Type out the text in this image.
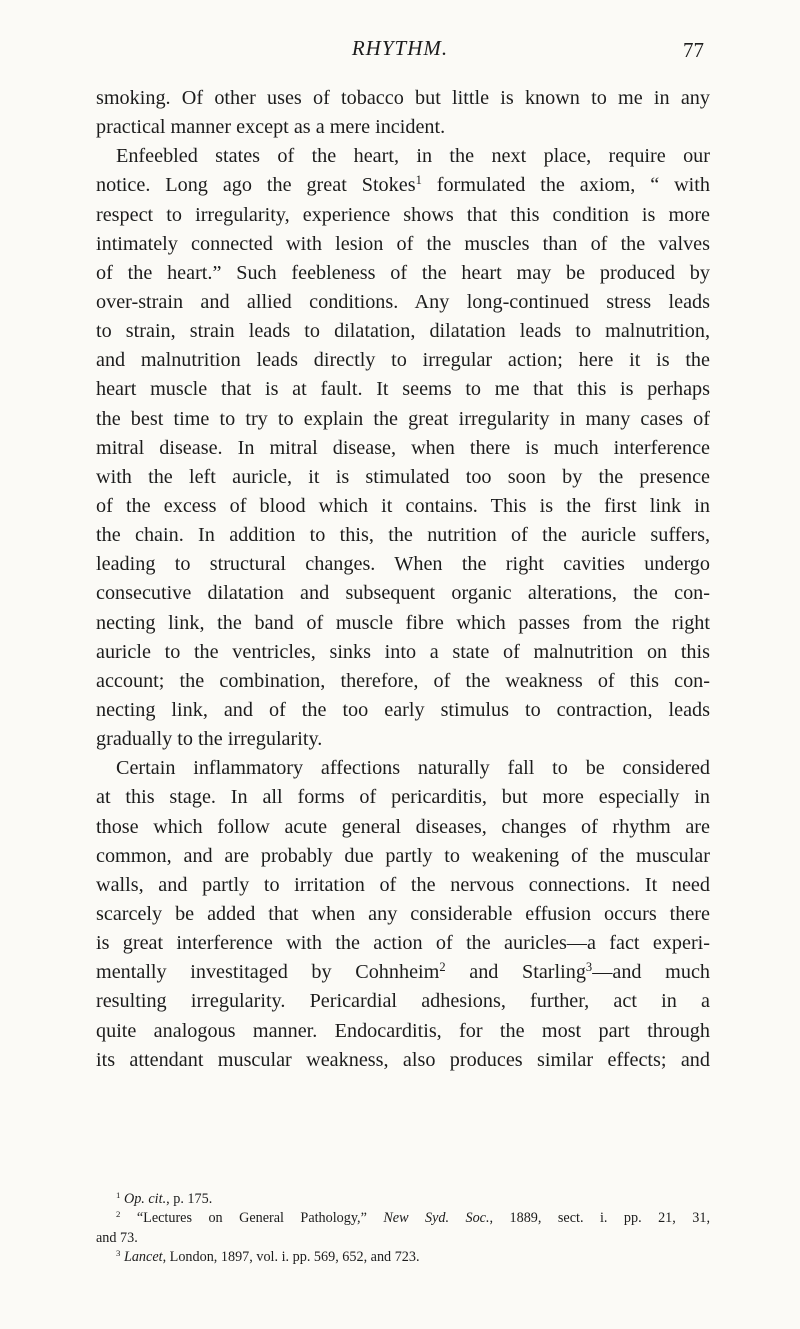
RHYTHM.	77
smoking. Of other uses of tobacco but little is known to me in any
practical manner except as a mere incident.
Enfeebled states of the heart, in the next place, require our
notice. Long ago the great Stokes$^1$ formulated the axiom, “ with
respect to irregularity, experience shows that this condition is more
intimately connected with lesion of the muscles than of the valves
of the heart.” Such feebleness of the heart may be produced by
over-strain and allied conditions. Any long-continued stress leads
to strain, strain leads to dilatation, dilatation leads to malnutrition,
and malnutrition leads directly to irregular action; here it is the
heart muscle that is at fault. It seems to me that this is perhaps
the best time to try to explain the great irregularity in many cases of
mitral disease. In mitral disease, when there is much interference
with the left auricle, it is stimulated too soon by the presence
of the excess of blood which it contains. This is the first link in
the chain. In addition to this, the nutrition of the auricle suffers,
leading to structural changes. When the right cavities undergo
consecutive dilatation and subsequent organic alterations, the con-
necting link, the band of muscle fibre which passes from the right
auricle to the ventricles, sinks into a state of malnutrition on this
account; the combination, therefore, of the weakness of this con-
necting link, and of the too early stimulus to contraction, leads
gradually to the irregularity.
Certain inflammatory affections naturally fall to be considered
at this stage. In all forms of pericarditis, but more especially in
those which follow acute general diseases, changes of rhythm are
common, and are probably due partly to weakening of the muscular
walls, and partly to irritation of the nervous connections. It need
scarcely be added that when any considerable effusion occurs there
is great interference with the action of the auricles—a fact experi-
mentally investitaged by Cohnheim$^2$ and Starling$^3$—and much
resulting irregularity. Pericardial adhesions, further, act in a
quite analogous manner. Endocarditis, for the most part through
its attendant muscular weakness, also produces similar effects; and
$^1$ Op. cit., p. 175.
$^2$ “Lectures on General Pathology,” New Syd. Soc., 1889, sect. i. pp. 21, 31,
and 73.
$^3$ Lancet, London, 1897, vol. i. pp. 569, 652, and 723.
